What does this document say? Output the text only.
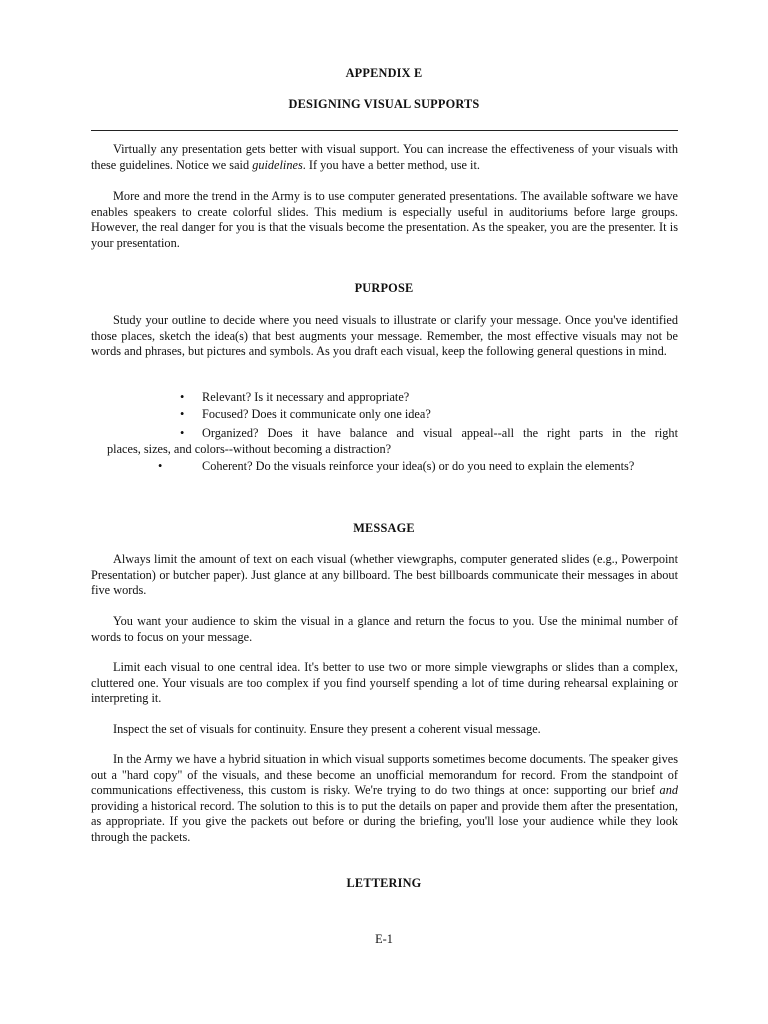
APPENDIX E
DESIGNING VISUAL SUPPORTS

Virtually any presentation gets better with visual support. You can increase the effectiveness of your visuals with these guidelines. Notice we said guidelines. If you have a better method, use it.

More and more the trend in the Army is to use computer generated presentations. The available software we have enables speakers to create colorful slides. This medium is especially useful in auditoriums before large groups. However, the real danger for you is that the visuals become the presentation. As the speaker, you are the presenter. It is your presentation.

PURPOSE

Study your outline to decide where you need visuals to illustrate or clarify your message. Once you've identified those places, sketch the idea(s) that best augments your message. Remember, the most effective visuals may not be words and phrases, but pictures and symbols. As you draft each visual, keep the following general questions in mind.

• Relevant? Is it necessary and appropriate?

• Focused? Does it communicate only one idea?

• Organized? Does it have balance and visual appeal--all the right parts in the right

places, sizes, and colors--without becoming a distraction?

•	Coherent? Do the visuals reinforce your idea(s) or do you need to explain the elements?

MESSAGE

Always limit the amount of text on each visual (whether viewgraphs, computer generated slides (e.g., Powerpoint Presentation) or butcher paper). Just glance at any billboard. The best billboards communicate their messages in about five words.

You want your audience to skim the visual in a glance and return the focus to you. Use the minimal number of words to focus on your message.

Limit each visual to one central idea. It's better to use two or more simple viewgraphs or slides than a complex, cluttered one. Your visuals are too complex if you find yourself spending a lot of time during rehearsal explaining or interpreting it.

Inspect the set of visuals for continuity. Ensure they present a coherent visual message.

In the Army we have a hybrid situation in which visual supports sometimes become documents. The speaker gives out a "hard copy" of the visuals, and these become an unofficial memorandum for record. From the standpoint of communications effectiveness, this custom is risky. We're trying to do two things at once: supporting our brief and providing a historical record. The solution to this is to put the details on paper and provide them after the presentation, as appropriate. If you give the packets out before or during the briefing, you'll lose your audience while they look through the packets.

LETTERING
E-1
